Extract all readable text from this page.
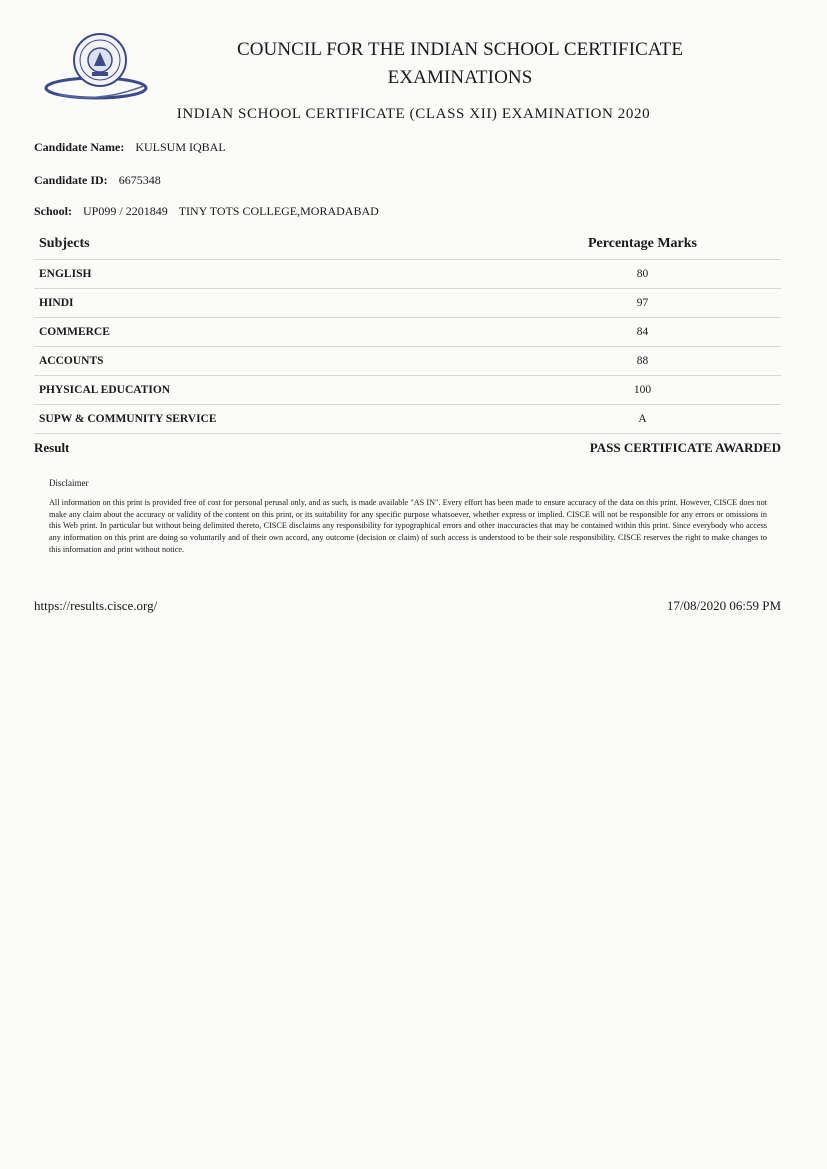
COUNCIL FOR THE INDIAN SCHOOL CERTIFICATE
EXAMINATIONS
INDIAN SCHOOL CERTIFICATE (CLASS XII) EXAMINATION 2020
Candidate Name: KULSUM IQBAL
Candidate ID: 6675348
School: UP099 / 2201849 TINY TOTS COLLEGE,MORADABAD
Subjects	Percentage Marks
ENGLISH	80
HINDI	97
COMMERCE	84
ACCOUNTS	88
PHYSICAL EDUCATION	100
SUPW & COMMUNITY SERVICE	A
Result	PASS CERTIFICATE AWARDED
Disclaimer
All information on this print is provided free of cost for personal perusal only, and as such, is made available "AS IN". Every effort has been made to ensure accuracy of the data on this print. However, CISCE does not make any claim about the accuracy or validity of the content on this print, or its suitability for any specific purpose whatsoever, whether express or implied. CISCE will not be responsible for any errors or omissions in this Web print. In particular but without being delimited thereto, CISCE disclaims any responsibility for typographical errors and other inaccuracies that may be contained within this print. Since everybody who access any information on this print are doing so voluntarily and of their own accord, any outcome (decision or claim) of such access is understood to be their sole responsibility. CISCE reserves the right to make changes to this information and print without notice.
https://results.cisce.org/	17/08/2020 06:59 PM
